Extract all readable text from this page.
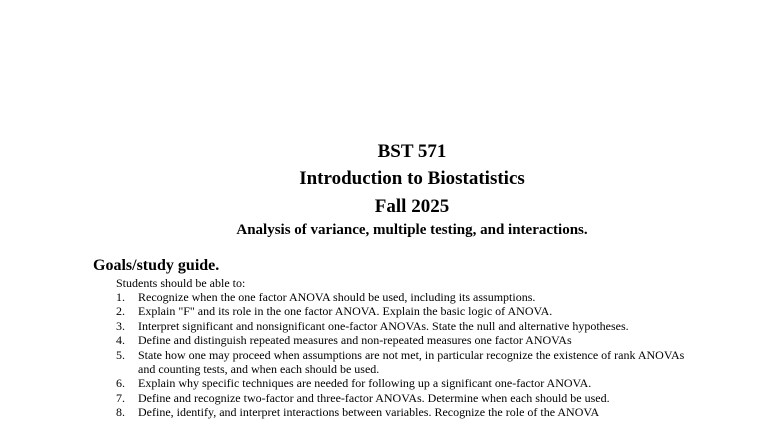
BST 571
Introduction to Biostatistics
Fall 2025
Analysis of variance, multiple testing, and interactions.
Goals/study guide.
Students should be able to:
1. Recognize when the one factor ANOVA should be used, including its assumptions.
2. Explain "F" and its role in the one factor ANOVA. Explain the basic logic of ANOVA.
3. Interpret significant and nonsignificant one-factor ANOVAs. State the null and alternative hypotheses.
4. Define and distinguish repeated measures and non-repeated measures one factor ANOVAs
5. State how one may proceed when assumptions are not met, in particular recognize the existence of rank ANOVAs and counting tests, and when each should be used.
6. Explain why specific techniques are needed for following up a significant one-factor ANOVA.
7. Define and recognize two-factor and three-factor ANOVAs. Determine when each should be used.
8. Define, identify, and interpret interactions between variables. Recognize the role of the ANOVA
